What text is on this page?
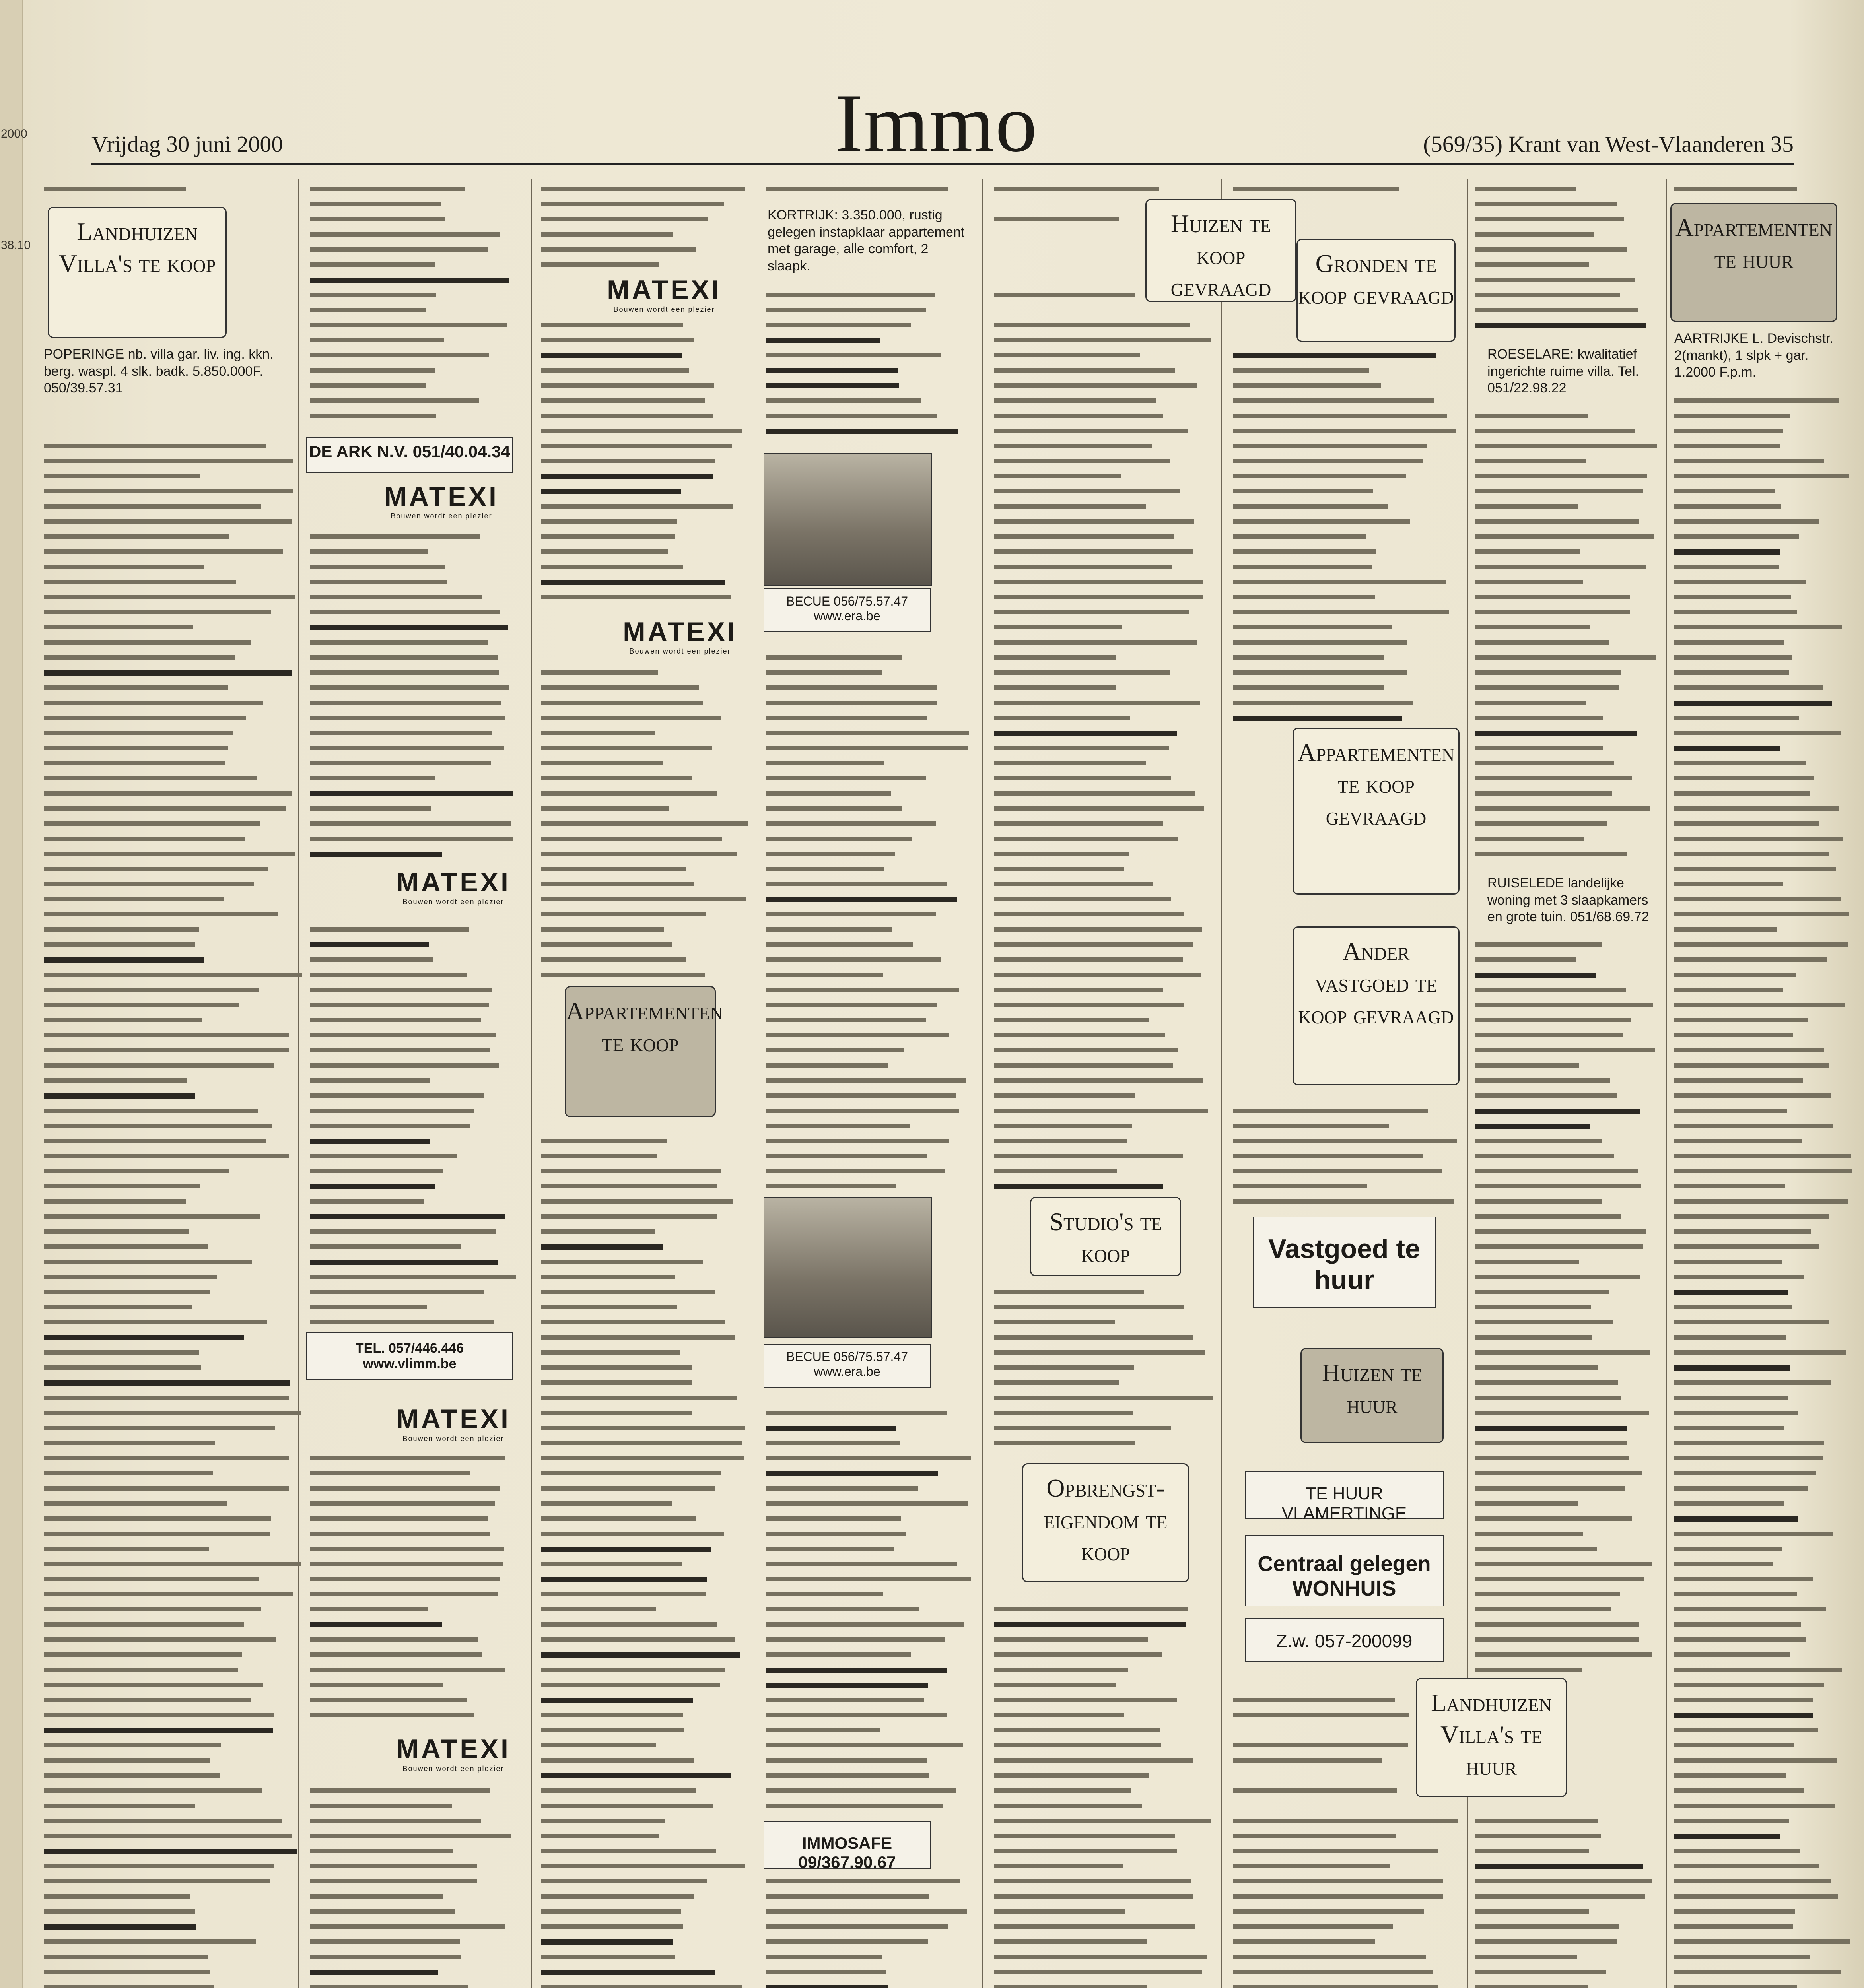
2000
38.10
Vrijdag 30 juni 2000	Immo	(569/35) Krant van West-Vlaanderen 35
Landhuizen Villa's te koop
Huizen te koop gevraagd
Gronden te koop gevraagd
Appartementen te huur
Appartementen te koop gevraagd
Ander vastgoed te koop gevraagd
Appartementen te koop
Studio's te koop
Opbrengst-eigendom te koop
Huizen te huur
Landhuizen Villa's te huur
DE ARK N.V. 051/40.04.34
TEL. 057/446.446 www.vlimm.be
Vastgoed te huur
TE HUUR VLAMERTINGE
Centraal gelegen WONHUIS
Z.w. 057-200099
MATEXI
Bouwen wordt een plezier
MATEXI
Bouwen wordt een plezier
MATEXI
Bouwen wordt een plezier
MATEXI
Bouwen wordt een plezier
MATEXI
Bouwen wordt een plezier
MATEXI
Bouwen wordt een plezier
BECUE 056/75.57.47 www.era.be
BECUE 056/75.57.47 www.era.be
IMMOSAFE 09/367.90.67
POPERINGE nb. villa gar. liv. ing. kkn. berg. waspl. 4 slk. badk. 5.850.000F. 050/39.57.31
ROESELARE: kwalitatief ingerichte ruime villa. Tel. 051/22.98.22
KORTRIJK: 3.350.000, rustig gelegen instapklaar appartement met garage, alle comfort, 2 slaapk.
RUISELEDE landelijke woning met 3 slaapkamers en grote tuin. 051/68.69.72
AARTRIJKE L. Devischstr. 2(mankt), 1 slpk + gar. 1.2000 F.p.m.
